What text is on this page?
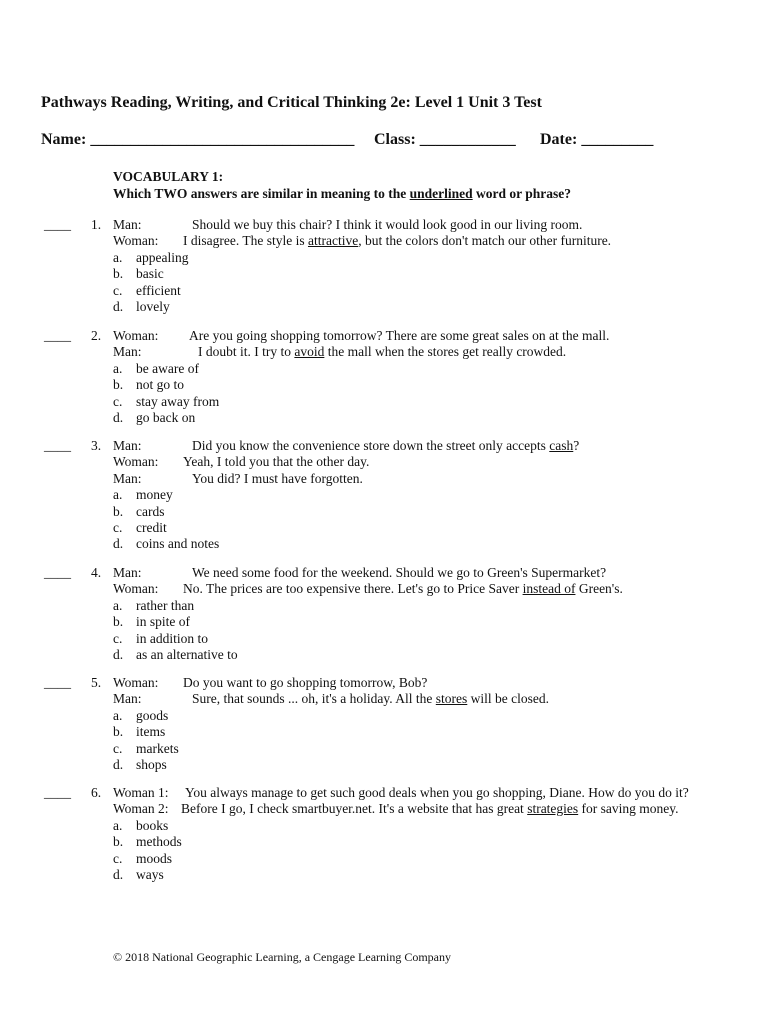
Pathways Reading, Writing, and Critical Thinking 2e: Level 1 Unit 3 Test
Name: _________________________________ Class: ____________ Date: _________
VOCABULARY 1:
Which TWO answers are similar in meaning to the underlined word or phrase?
____ 1. Man:	Should we buy this chair? I think it would look good in our living room.
Woman: I disagree. The style is attractive, but the colors don't match our other furniture.
a. appealing
b. basic
c. efficient
d. lovely
____ 2. Woman: Are you going shopping tomorrow? There are some great sales on at the mall.
Man:	I doubt it. I try to avoid the mall when the stores get really crowded.
a. be aware of
b. not go to
c. stay away from
d. go back on
____ 3. Man:	Did you know the convenience store down the street only accepts cash?
Woman: Yeah, I told you that the other day.
Man:	You did? I must have forgotten.
a. money
b. cards
c. credit
d. coins and notes
____ 4. Man:	We need some food for the weekend. Should we go to Green's Supermarket?
Woman: No. The prices are too expensive there. Let's go to Price Saver instead of Green's.
a. rather than
b. in spite of
c. in addition to
d. as an alternative to
____ 5. Woman: Do you want to go shopping tomorrow, Bob?
Man:	Sure, that sounds ... oh, it's a holiday. All the stores will be closed.
a. goods
b. items
c. markets
d. shops
____ 6. Woman 1: You always manage to get such good deals when you go shopping, Diane. How do you do it?
Woman 2: Before I go, I check smartbuyer.net. It's a website that has great strategies for saving money.
a. books
b. methods
c. moods
d. ways
© 2018 National Geographic Learning, a Cengage Learning Company
